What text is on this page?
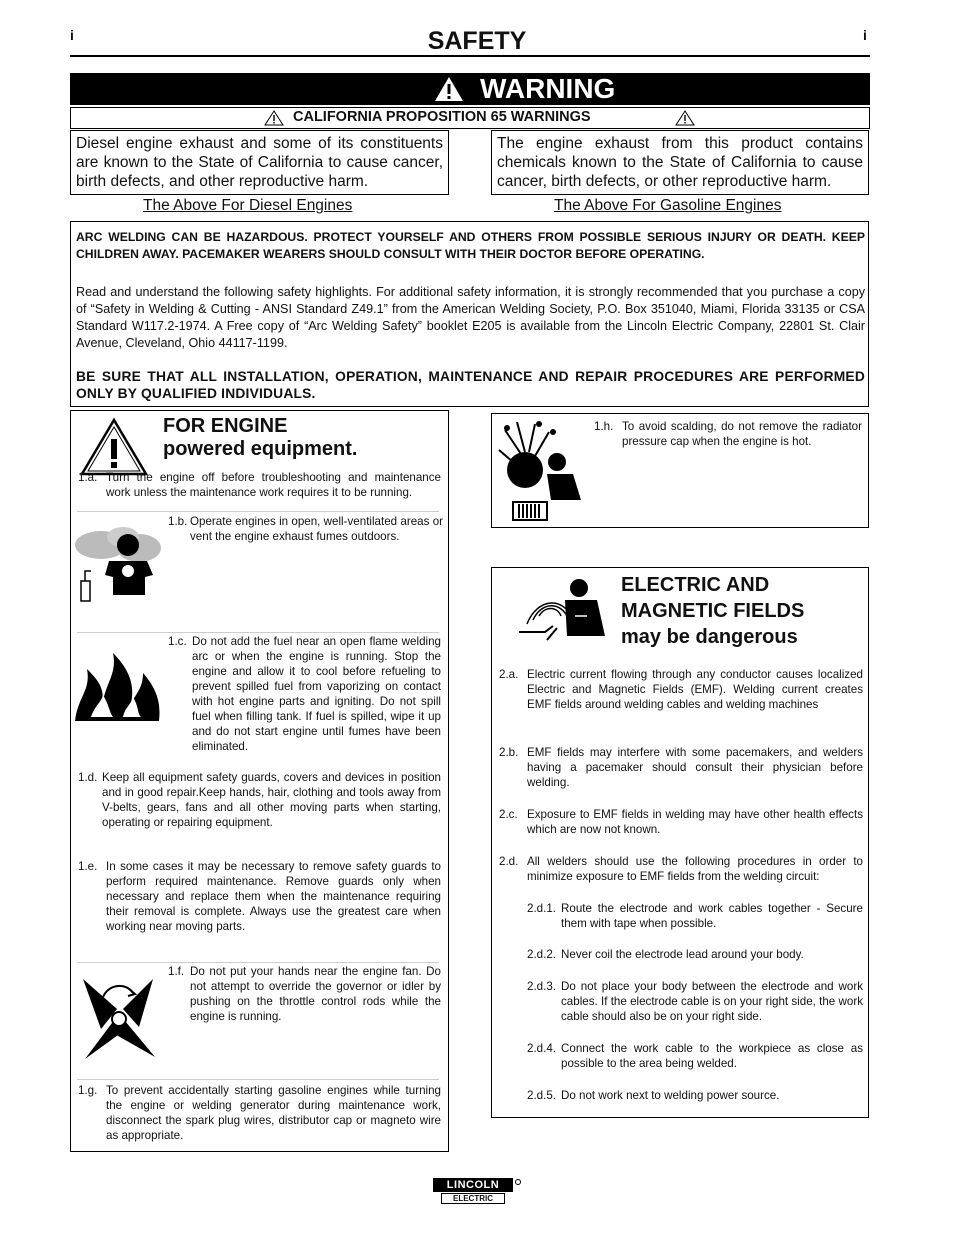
i	i
SAFETY
WARNING
CALIFORNIA PROPOSITION 65 WARNINGS
Diesel engine exhaust and some of its constituents are known to the State of California to cause cancer, birth defects, and other reproductive harm.
The engine exhaust from this product contains chemicals known to the State of California to cause cancer, birth defects, or other reproductive harm.
The Above For Diesel Engines	The Above For Gasoline Engines

ARC WELDING CAN BE HAZARDOUS. PROTECT YOURSELF AND OTHERS FROM POSSIBLE SERIOUS INJURY OR DEATH. KEEP CHILDREN AWAY. PACEMAKER WEARERS SHOULD CONSULT WITH THEIR DOCTOR BEFORE OPERATING.

Read and understand the following safety highlights. For additional safety information, it is strongly recommended that you purchase a copy of “Safety in Welding & Cutting - ANSI Standard Z49.1” from the American Welding Society, P.O. Box 351040, Miami, Florida 33135 or CSA Standard W117.2-1974. A Free copy of “Arc Welding Safety” booklet E205 is available from the Lincoln Electric Company, 22801 St. Clair Avenue, Cleveland, Ohio 44117-1199.

BE SURE THAT ALL INSTALLATION, OPERATION, MAINTENANCE AND REPAIR PROCEDURES ARE PERFORMED ONLY BY QUALIFIED INDIVIDUALS.

FOR ENGINE
powered equipment.
1.a. Turn the engine off before troubleshooting and maintenance work unless the maintenance work requires it to be running.
1.b. Operate engines in open, well-ventilated areas or vent the engine exhaust fumes outdoors.
1.c. Do not add the fuel near an open flame welding arc or when the engine is running. Stop the engine and allow it to cool before refueling to prevent spilled fuel from vaporizing on contact with hot engine parts and igniting. Do not spill fuel when filling tank. If fuel is spilled, wipe it up and do not start engine until fumes have been eliminated.
1.d. Keep all equipment safety guards, covers and devices in position and in good repair.Keep hands, hair, clothing and tools away from V-belts, gears, fans and all other moving parts when starting, operating or repairing equipment.
1.e. In some cases it may be necessary to remove safety guards to perform required maintenance. Remove guards only when necessary and replace them when the maintenance requiring their removal is complete. Always use the greatest care when working near moving parts.
1.f. Do not put your hands near the engine fan. Do not attempt to override the governor or idler by pushing on the throttle control rods while the engine is running.
1.g. To prevent accidentally starting gasoline engines while turning the engine or welding generator during maintenance work, disconnect the spark plug wires, distributor cap or magneto wire as appropriate.
1.h. To avoid scalding, do not remove the radiator pressure cap when the engine is hot.
ELECTRIC AND
MAGNETIC FIELDS
may be dangerous
2.a. Electric current flowing through any conductor causes localized Electric and Magnetic Fields (EMF). Welding current creates EMF fields around welding cables and welding machines
2.b. EMF fields may interfere with some pacemakers, and welders having a pacemaker should consult their physician before welding.
2.c. Exposure to EMF fields in welding may have other health effects which are now not known.
2.d. All welders should use the following procedures in order to minimize exposure to EMF fields from the welding circuit:
2.d.1. Route the electrode and work cables together - Secure them with tape when possible.
2.d.2. Never coil the electrode lead around your body.
2.d.3. Do not place your body between the electrode and work cables. If the electrode cable is on your right side, the work cable should also be on your right side.
2.d.4. Connect the work cable to the workpiece as close as possible to the area being welded.
2.d.5. Do not work next to welding power source.
LINCOLN
ELECTRIC
